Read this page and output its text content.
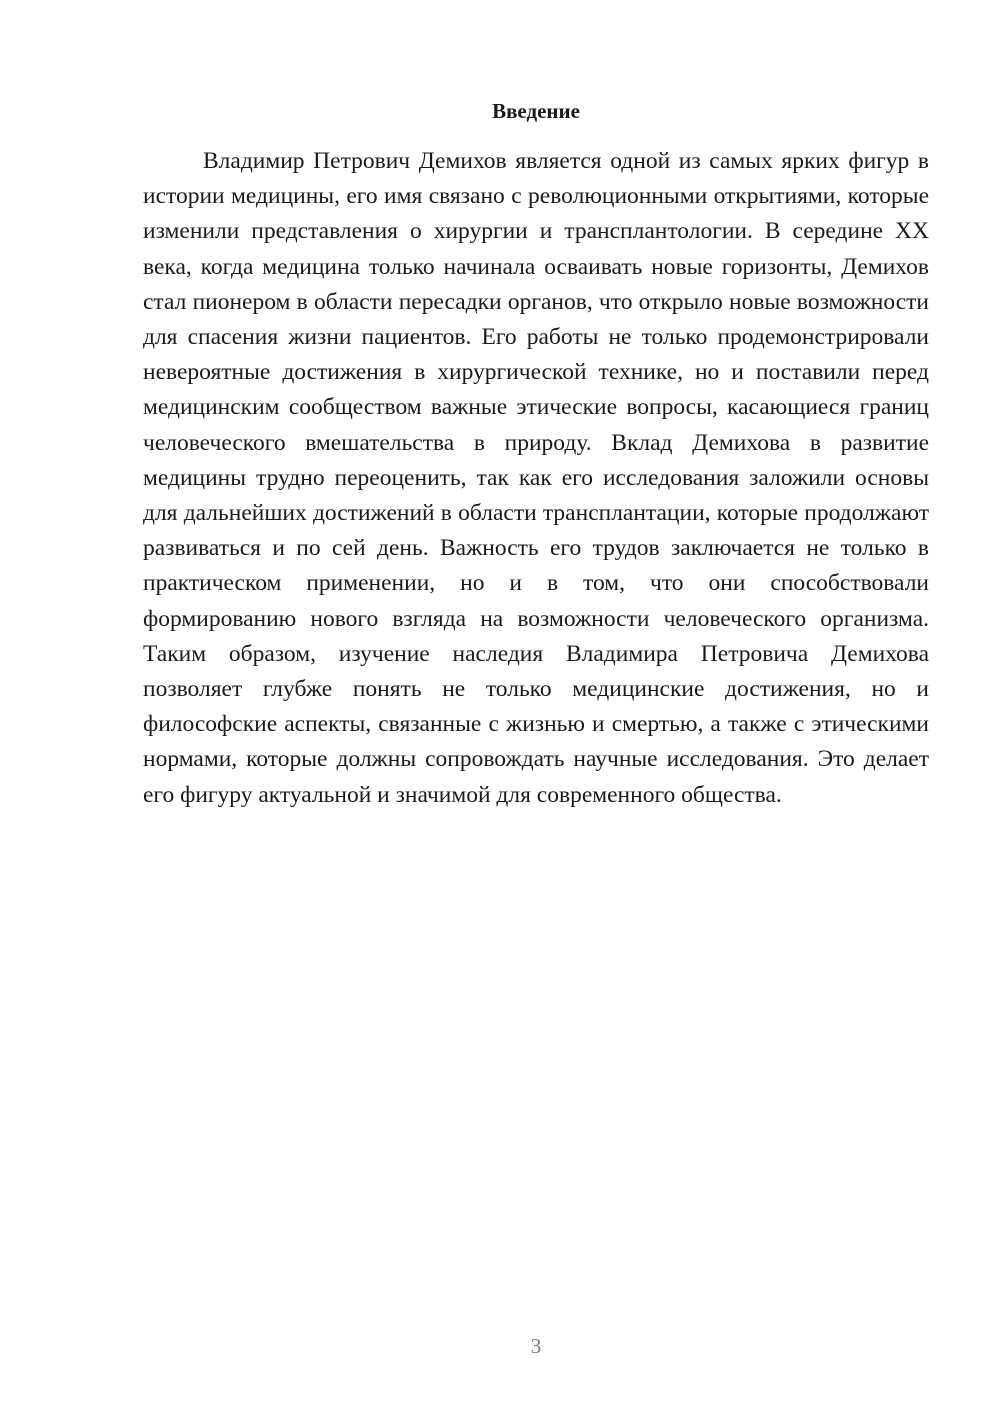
Введение

Владимир Петрович Демихов является одной из самых ярких фигур в истории медицины, его имя связано с революционными открытиями, которые изменили представления о хирургии и трансплантологии. В середине XX века, когда медицина только начинала осваивать новые горизонты, Демихов стал пионером в области пересадки органов, что открыло новые возможности для спасения жизни пациентов. Его работы не только продемонстрировали невероятные достижения в хирургической технике, но и поставили перед медицинским сообществом важные этические вопросы, касающиеся границ человеческого вмешательства в природу. Вклад Демихова в развитие медицины трудно переоценить, так как его исследования заложили основы для дальнейших достижений в области трансплантации, которые продолжают развиваться и по сей день. Важность его трудов заключается не только в практическом применении, но и в том, что они способствовали формированию нового взгляда на возможности человеческого организма. Таким образом, изучение наследия Владимира Петровича Демихова позволяет глубже понять не только медицинские достижения, но и философские аспекты, связанные с жизнью и смертью, а также с этическими нормами, которые должны сопровождать научные исследования. Это делает его фигуру актуальной и значимой для современного общества.

3
